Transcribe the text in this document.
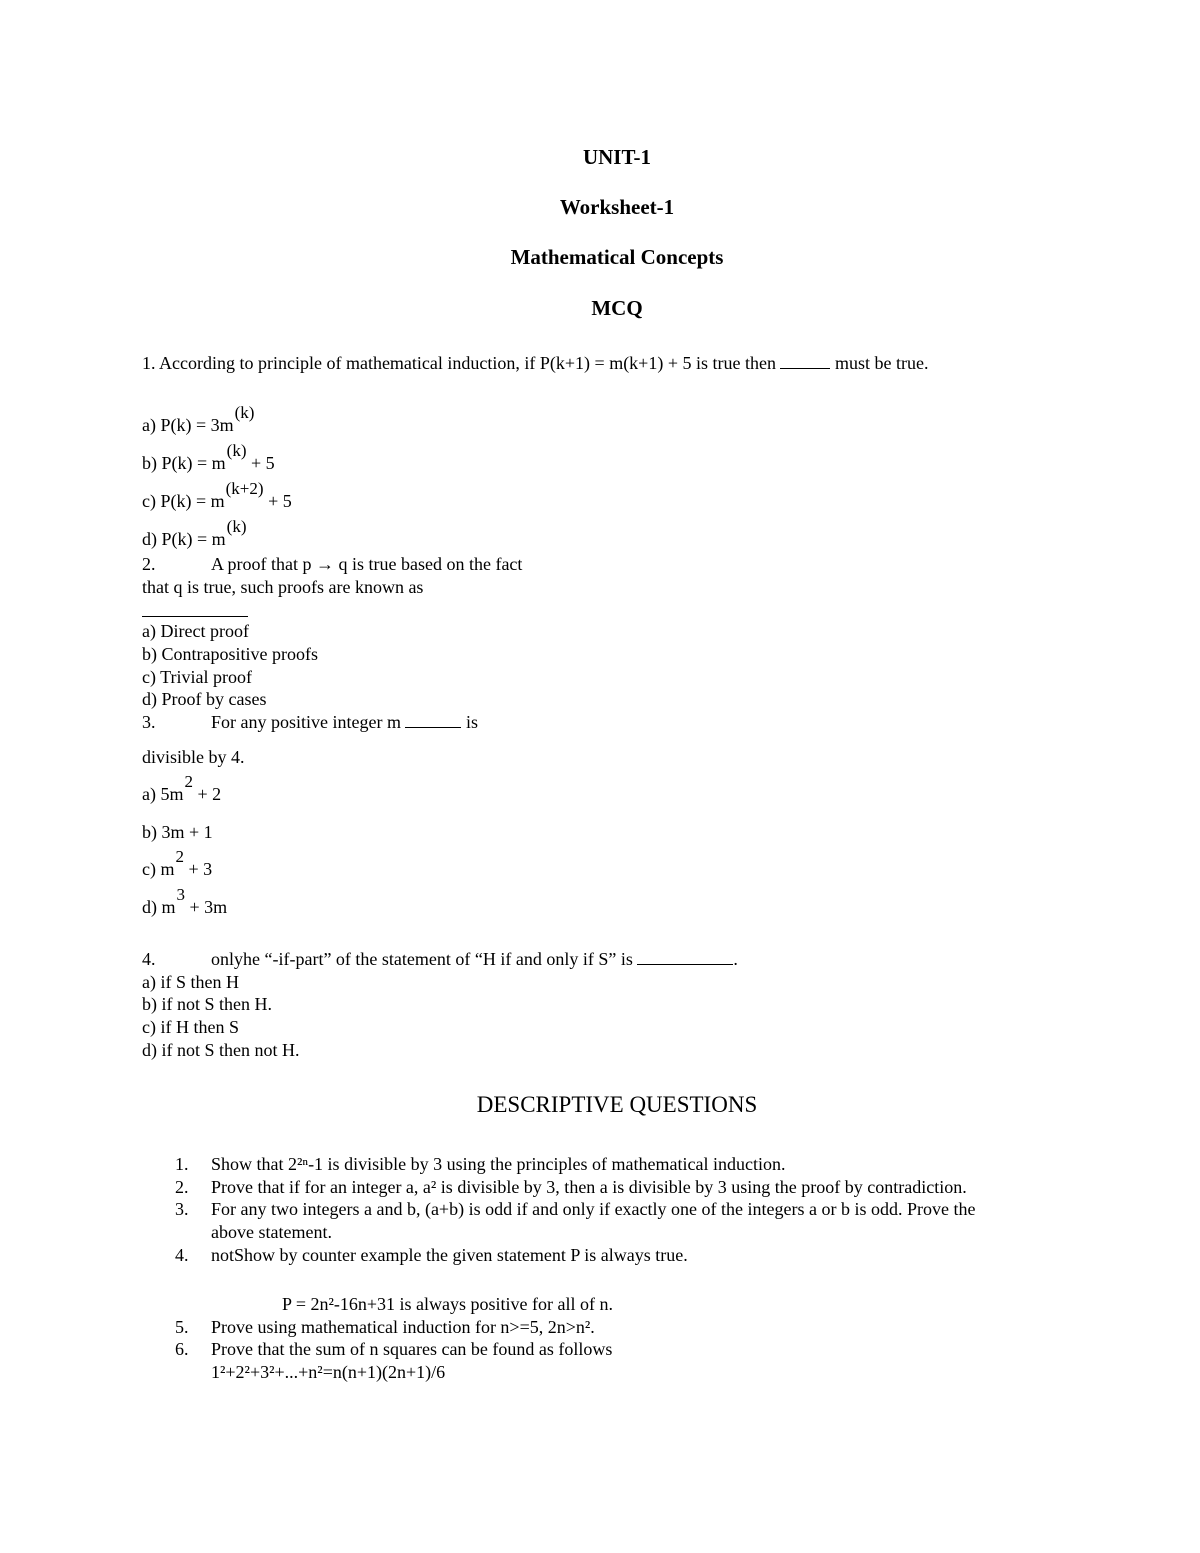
UNIT-1
Worksheet-1
Mathematical Concepts
MCQ
1. According to principle of mathematical induction, if P(k+1) = m(k+1) + 5 is true then	must be true.
a) P(k) = 3m(k)
b) P(k) = m(k) + 5
c) P(k) = m(k+2) + 5
d) P(k) = m(k)
2.	A proof that p → q is true based on the fact
that q is true, such proofs are known as
a) Direct proof
b) Contrapositive proofs
c) Trivial proof
d) Proof by cases
3.	For any positive integer m	is
divisible by 4.
a) 5m2 + 2
b) 3m + 1
c) m2 + 3
d) m3 + 3m
4.	onlyhe “-if-part” of the statement of “H if and only if S” is	.
a) if S then H
b) if not S then H.
c) if H then S
d) if not S then not H.
DESCRIPTIVE QUESTIONS
1. Show that 2²ⁿ-1 is divisible by 3 using the principles of mathematical induction.
2. Prove that if for an integer a, a² is divisible by 3, then a is divisible by 3 using the proof by contradiction.
3. For any two integers a and b, (a+b) is odd if and only if exactly one of the integers a or b is odd. Prove the
above statement.
4. notShow by counter example the given statement P is always true.
P = 2n²-16n+31 is always positive for all of n.
5. Prove using mathematical induction for n>=5, 2n>n².
6. Prove that the sum of n squares can be found as follows
1²+2²+3²+...+n²=n(n+1)(2n+1)/6
